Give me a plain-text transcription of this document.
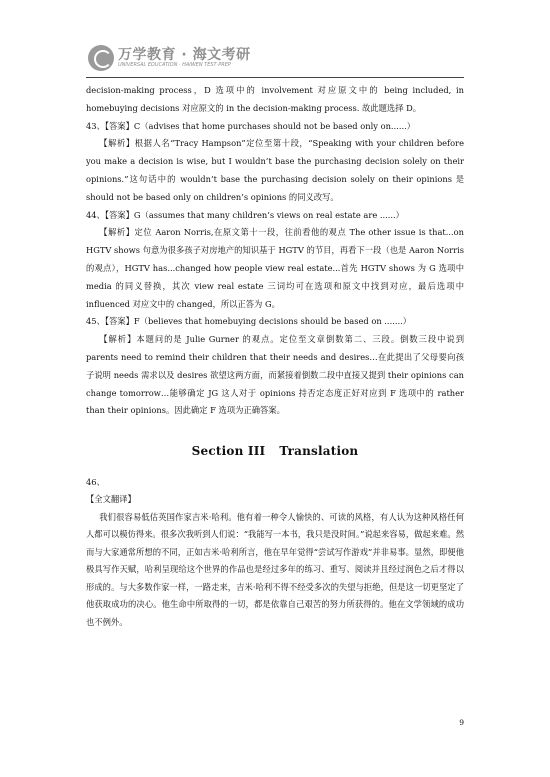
万学教育 · 海文考研
UNIVERSAL EDUCATION · HAIWEN TEST PREP

decision-making process，D 选项中的 involvement 对应原文中的 being included, in homebuying decisions 对应原文的 in the decision-making process. 故此题选择 D。

43、【答案】C（advises that home purchases should not be based only on......）

【解析】根据人名“Tracy Hampson”定位至第十段，“Speaking with your children before you make a decision is wise, but I wouldn’t base the purchasing decision solely on their opinions.”这句话中的 wouldn’t base the purchasing decision solely on their opinions 是 should not be based only on children’s opinions 的同义改写。

44、【答案】G（assumes that many children’s views on real estate are ......）

【解析】定位 Aaron Norris,在原文第十一段，往前看他的观点 The other issue is that...on HGTV shows 句意为很多孩子对房地产的知识基于 HGTV 的节目，再看下一段（也是 Aaron Norris 的观点），HGTV has...changed how people view real estate...首先 HGTV shows 为 G 选项中 media 的同义替换，其次 view real estate 三词均可在选项和原文中找到对应，最后选项中 influenced 对应文中的 changed，所以正答为 G。

45、【答案】F（believes that homebuying decisions should be based on .......）

【解析】本题问的是 Julie Gurner 的观点。定位至文章倒数第二、三段。倒数三段中说到 parents need to remind their children that their needs and desires…在此提出了父母要向孩子说明 needs 需求以及 desires 欲望这两方面，而紧接着倒数二段中直接又提到 their opinions can change tomorrow…能够确定 JG 这人对于 opinions 持否定态度正好对应到 F 选项中的 rather than their opinions。因此确定 F 选项为正确答案。

Section III Translation

46、

【全文翻译】

我们很容易低估英国作家吉米·哈利。他有着一种令人愉快的、可读的风格，有人认为这种风格任何人都可以模仿得来。很多次我听到人们说：“我能写一本书，我只是没时间。”说起来容易，做起来难。然而与大家通常所想的不同，正如吉米·哈利所言，他在早年觉得“尝试写作游戏”并非易事。显然，即便他极具写作天赋，哈利呈现给这个世界的作品也是经过多年的练习、重写、阅读并且经过润色之后才得以形成的。与大多数作家一样，一路走来，吉米·哈利不得不经受多次的失望与拒绝，但是这一切更坚定了他获取成功的决心。他生命中所取得的一切，都是依靠自己艰苦的努力所获得的。他在文学领域的成功也不例外。

9
